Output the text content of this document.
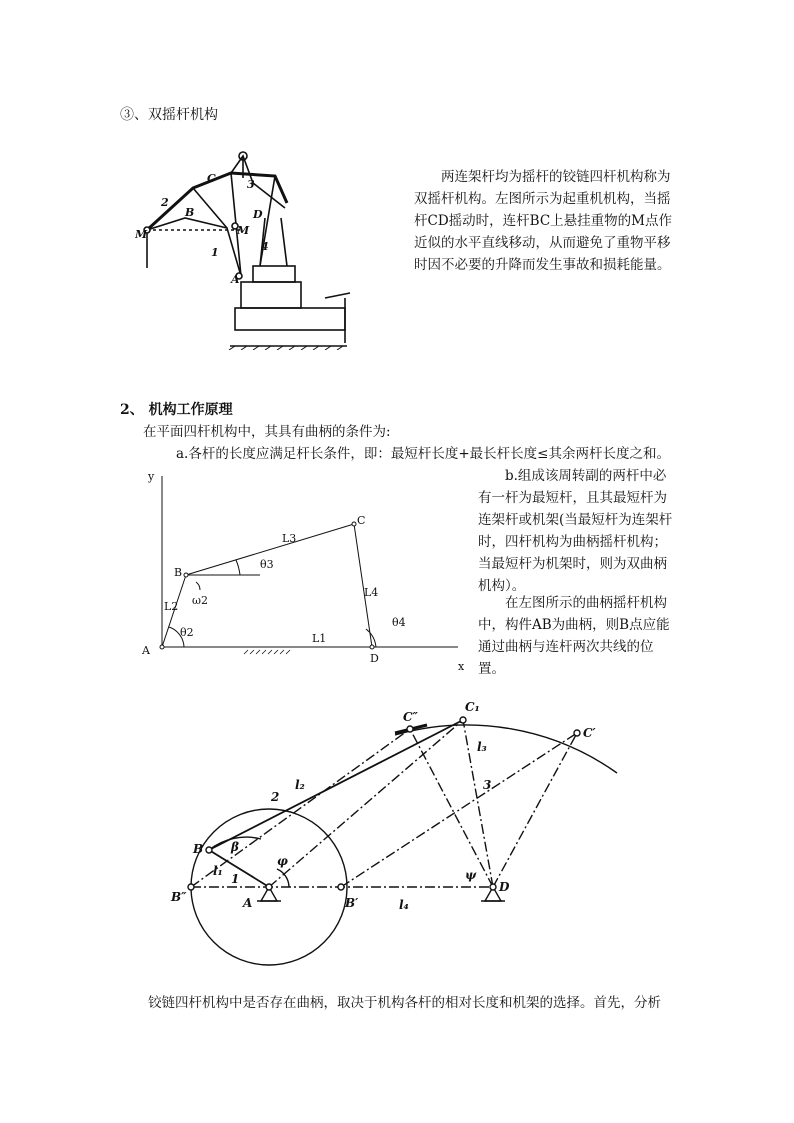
③、双摇杆机构
M
B
C
D
A
M
1
2
3
4
两连架杆均为摇杆的铰链四杆机构称为双摇杆机构。左图所示为起重机机构，当摇杆CD摇动时，连杆BC上悬挂重物的M点作近似的水平直线移动，从而避免了重物平移时因不必要的升降而发生事故和损耗能量。
2、 机构工作原理
在平面四杆机构中，其具有曲柄的条件为:
a.各杆的长度应满足杆长条件，即：最短杆长度+最长杆长度≤其余两杆长度之和。
y
x
A
B
C
D
L1
L2
L3
L4
θ2
θ3
θ4
ω2
b.组成该周转副的两杆中必有一杆为最短杆，且其最短杆为连架杆或机架(当最短杆为连架杆时，四杆机构为曲柄摇杆机构；当最短杆为机架时，则为双曲柄机构）。
在左图所示的曲柄摇杆机构中，构件AB为曲柄，则B点应能通过曲柄与连杆两次共线的位置。
C″
C₁
C′
B
B″	A	B′
D
l₁
l₂
l₃
l₄
1
2
3
φ
ψ
β
铰链四杆机构中是否存在曲柄，取决于机构各杆的相对长度和机架的选择。首先，分析
